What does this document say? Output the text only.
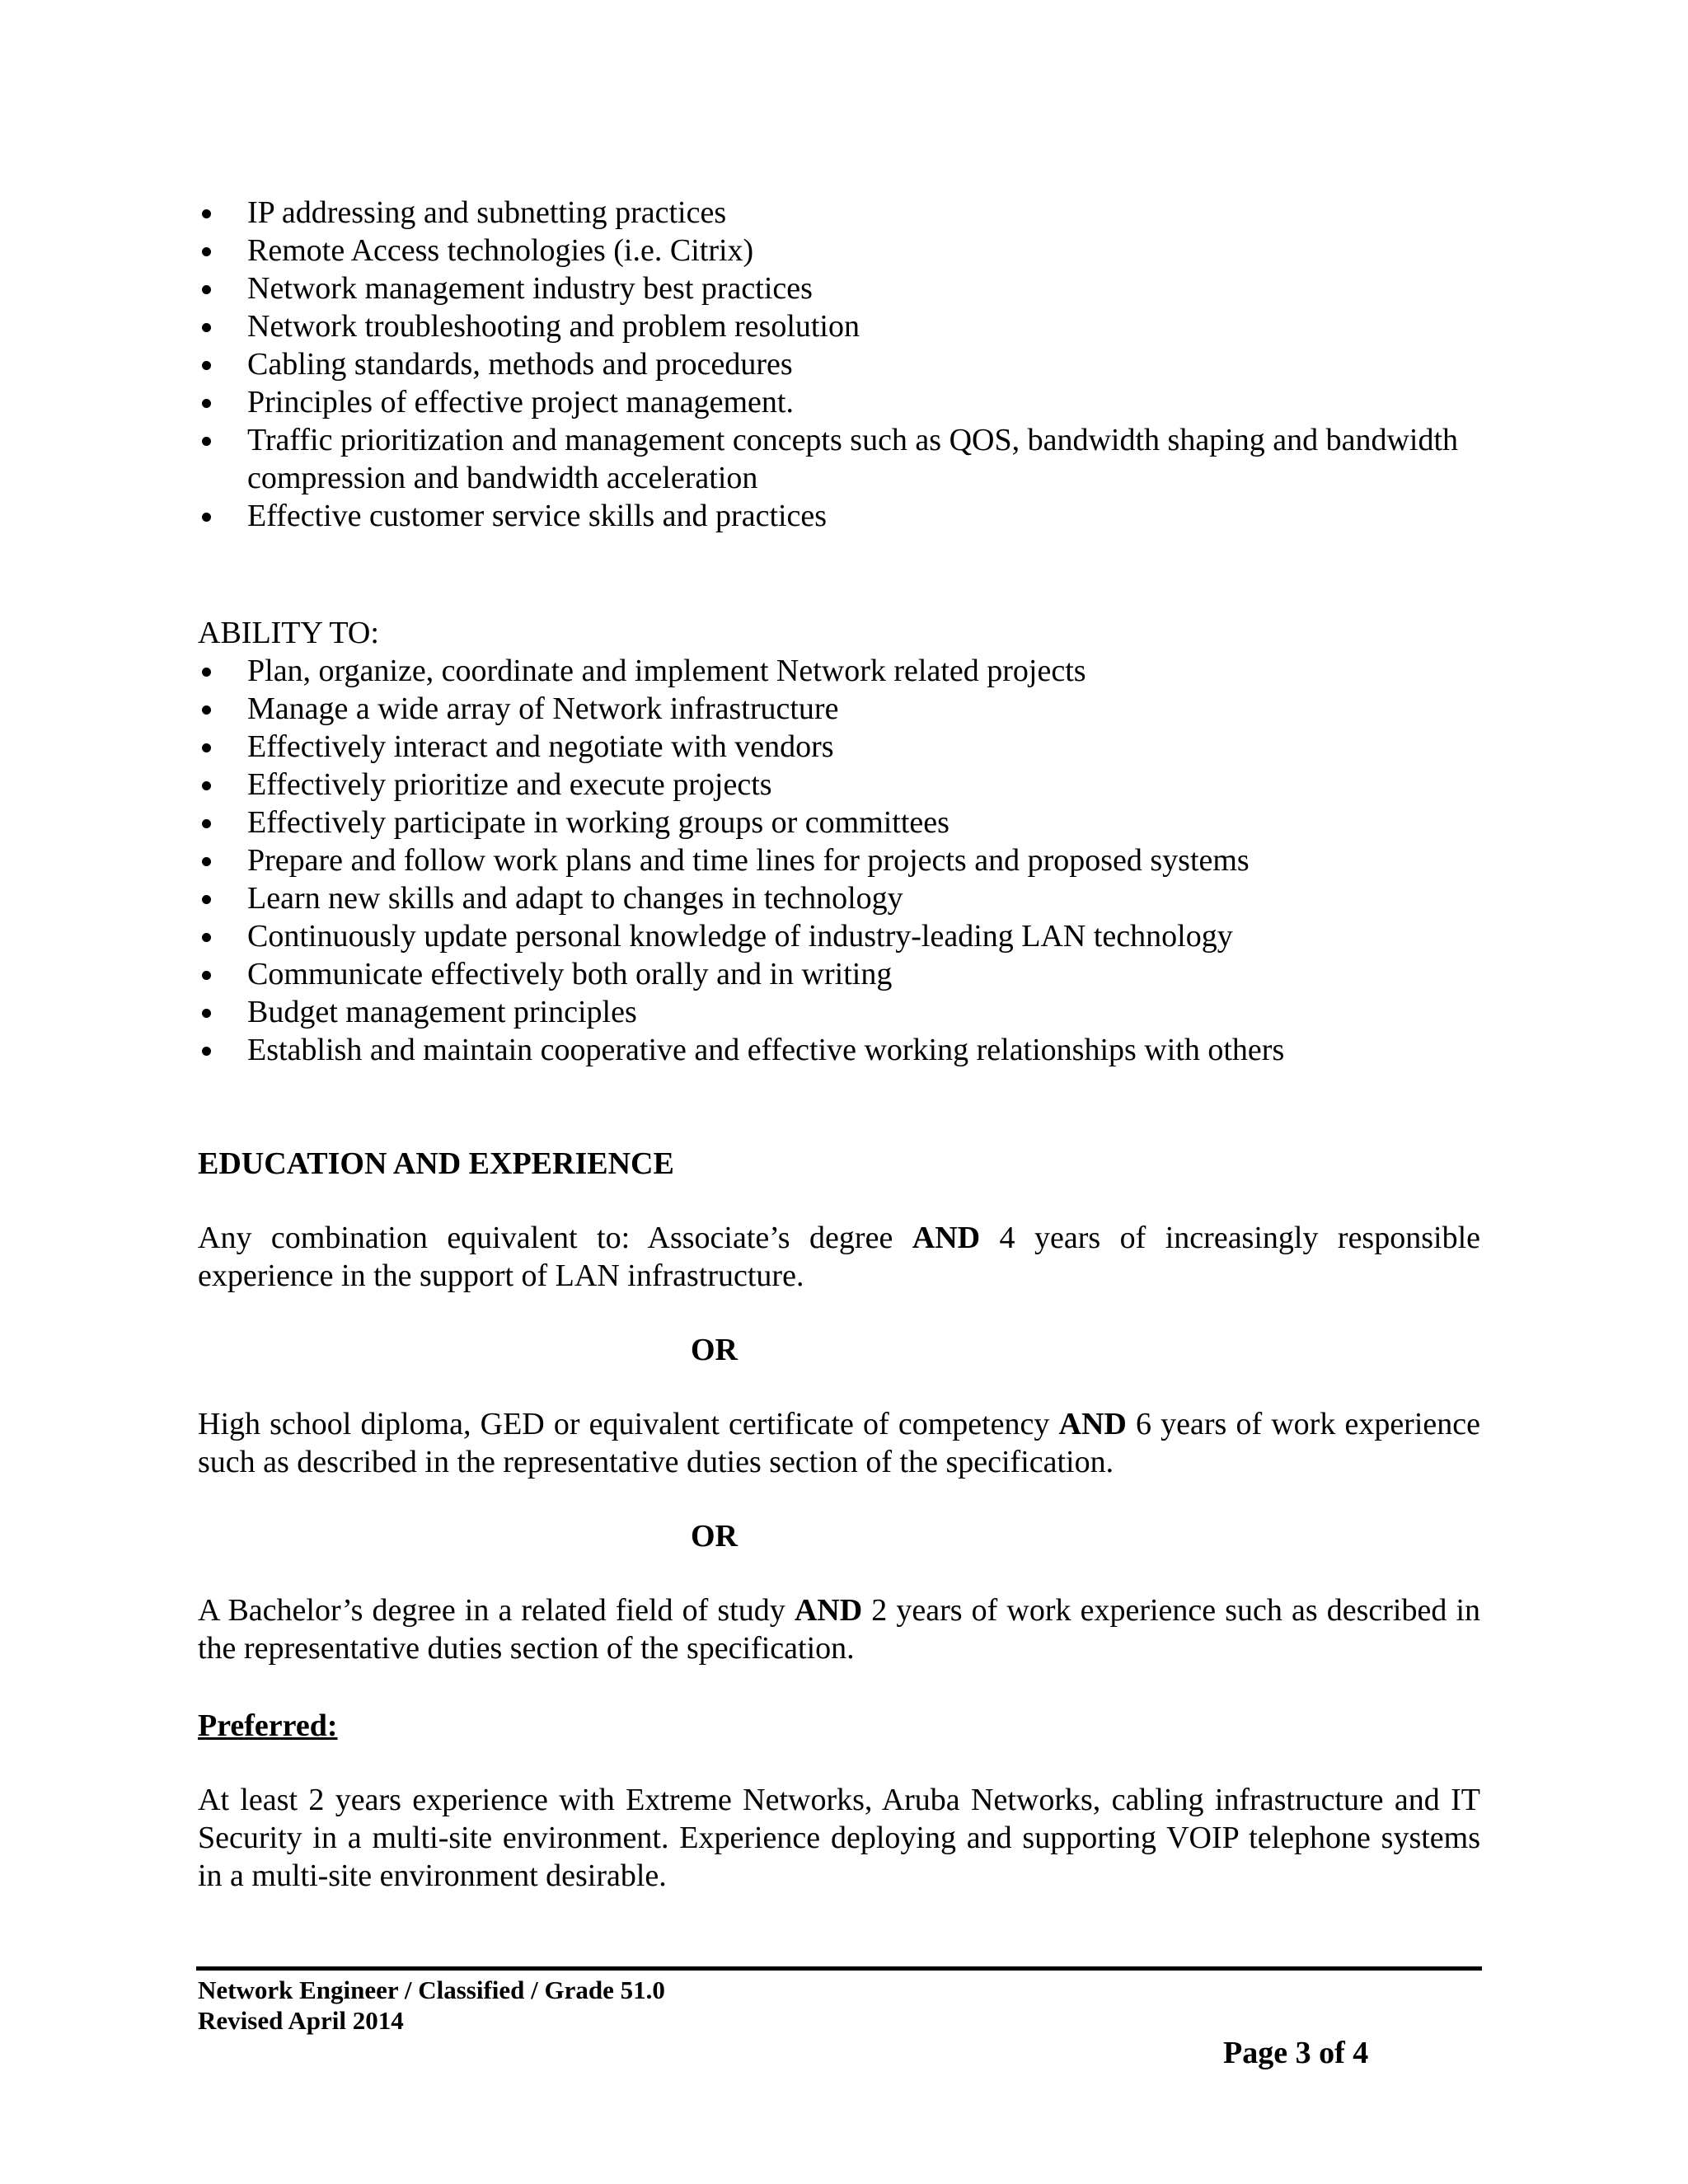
IP addressing and subnetting practices
Remote Access technologies (i.e. Citrix)
Network management industry best practices
Network troubleshooting and problem resolution
Cabling standards, methods and procedures
Principles of effective project management.
Traffic prioritization and management concepts such as QOS, bandwidth shaping and bandwidth compression and bandwidth acceleration
Effective customer service skills and practices
ABILITY TO:
Plan, organize, coordinate and implement Network related projects
Manage a wide array of Network infrastructure
Effectively interact and negotiate with vendors
Effectively prioritize and execute projects
Effectively participate in working groups or committees
Prepare and follow work plans and time lines for projects and proposed systems
Learn new skills and adapt to changes in technology
Continuously update personal knowledge of industry-leading LAN technology
Communicate effectively both orally and in writing
Budget management principles
Establish and maintain cooperative and effective working relationships with others
EDUCATION AND EXPERIENCE

Any combination equivalent to: Associate’s degree AND 4 years of increasingly responsible experience in the support of LAN infrastructure.

OR

High school diploma, GED or equivalent certificate of competency AND 6 years of work experience such as described in the representative duties section of the specification.

OR

A Bachelor’s degree in a related field of study AND 2 years of work experience such as described in the representative duties section of the specification.

Preferred:

At least 2 years experience with Extreme Networks, Aruba Networks, cabling infrastructure and IT Security in a multi-site environment. Experience deploying and supporting VOIP telephone systems in a multi-site environment desirable.

Network Engineer / Classified / Grade 51.0
Revised April 2014
Page 3 of 4
